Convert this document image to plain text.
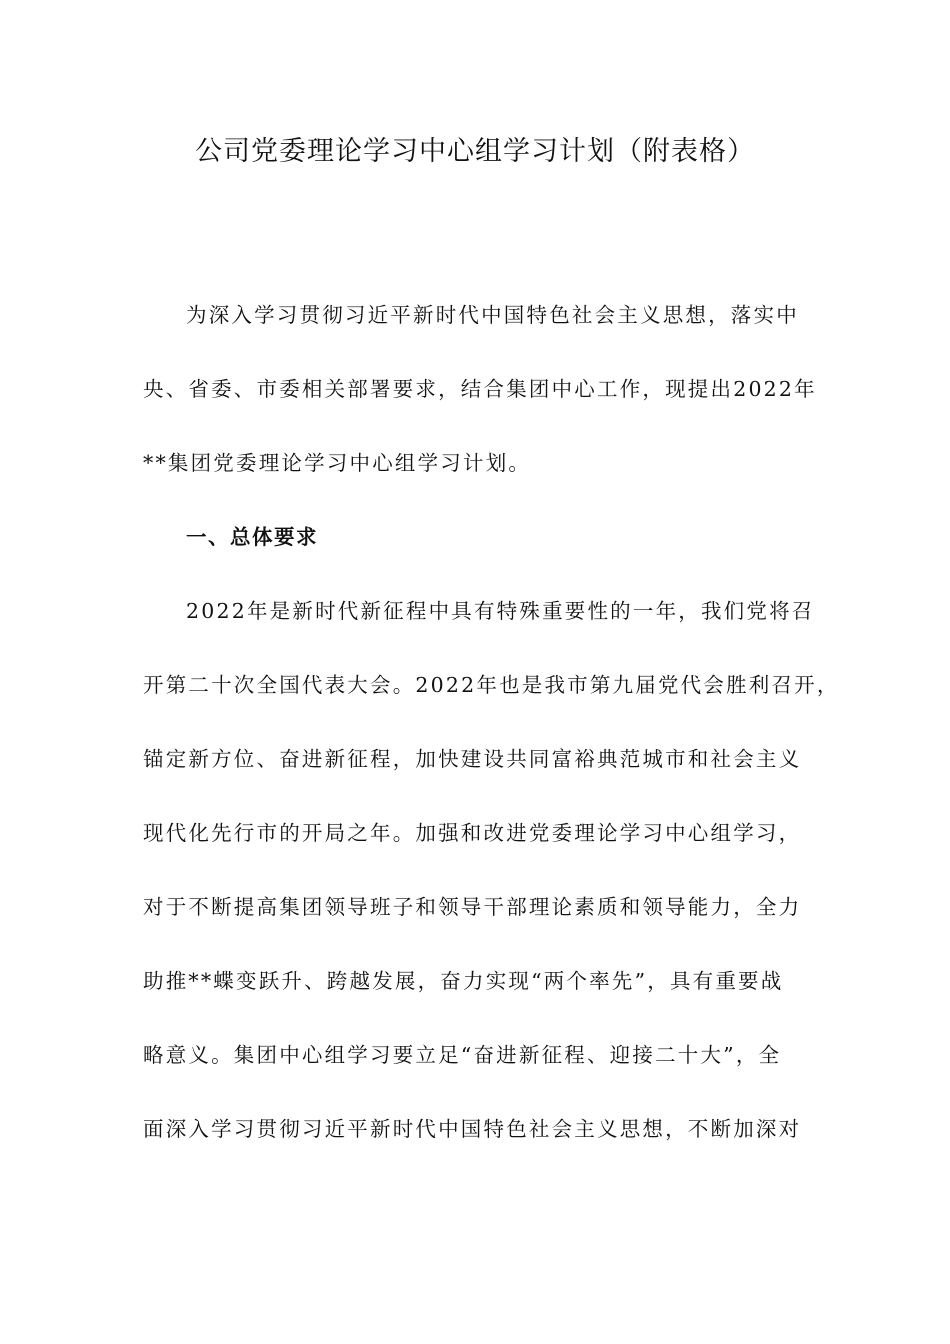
公司党委理论学习中心组学习计划（附表格）

为深入学习贯彻习近平新时代中国特色社会主义思想，落实中
央、省委、市委相关部署要求，结合集团中心工作，现提出2022年
**集团党委理论学习中心组学习计划。

一、总体要求

2022年是新时代新征程中具有特殊重要性的一年，我们党将召
开第二十次全国代表大会。2022年也是我市第九届党代会胜利召开，
锚定新方位、奋进新征程，加快建设共同富裕典范城市和社会主义
现代化先行市的开局之年。加强和改进党委理论学习中心组学习，
对于不断提高集团领导班子和领导干部理论素质和领导能力，全力
助推**蝶变跃升、跨越发展，奋力实现“两个率先”，具有重要战
略意义。集团中心组学习要立足“奋进新征程、迎接二十大”，全
面深入学习贯彻习近平新时代中国特色社会主义思想，不断加深对
